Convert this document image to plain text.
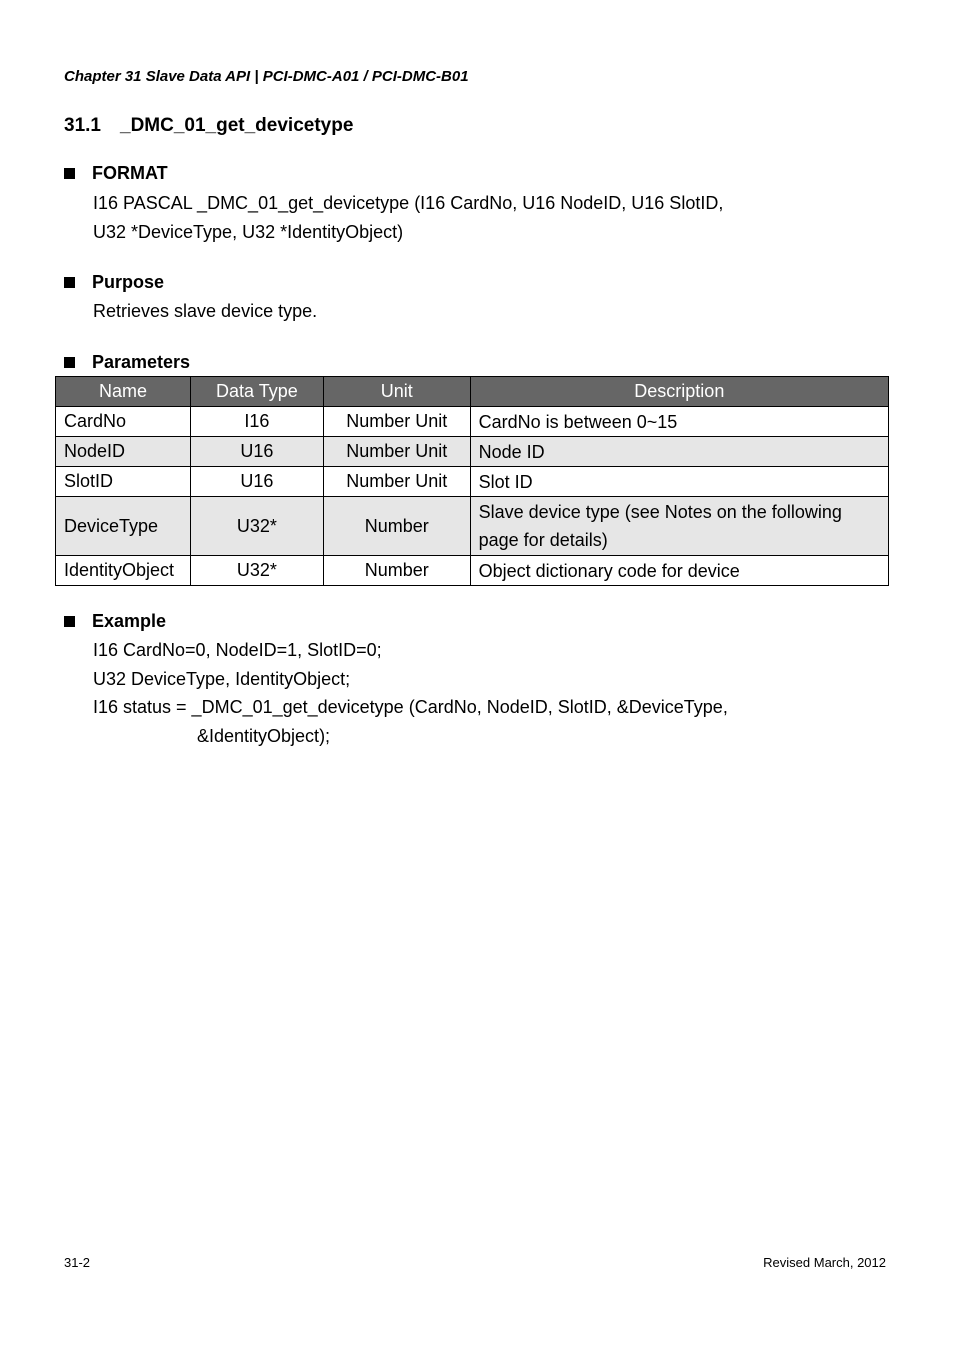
Chapter 31 Slave Data API | PCI-DMC-A01 / PCI-DMC-B01
31.1 _DMC_01_get_devicetype
FORMAT
I16 PASCAL _DMC_01_get_devicetype (I16 CardNo, U16 NodeID, U16 SlotID,
U32 *DeviceType, U32 *IdentityObject)
Purpose
Retrieves slave device type.
Parameters
Name	Data Type	Unit	Description
CardNo	I16	Number Unit	CardNo is between 0~15
NodeID	U16	Number Unit	Node ID
SlotID	U16	Number Unit	Slot ID
DeviceType	U32*	Number	Slave device type (see Notes on the following page for details)
IdentityObject	U32*	Number	Object dictionary code for device
Example
I16 CardNo=0, NodeID=1, SlotID=0;
U32 DeviceType, IdentityObject;
I16 status = _DMC_01_get_devicetype (CardNo, NodeID, SlotID, &DeviceType,
&IdentityObject);
31-2	Revised March, 2012
